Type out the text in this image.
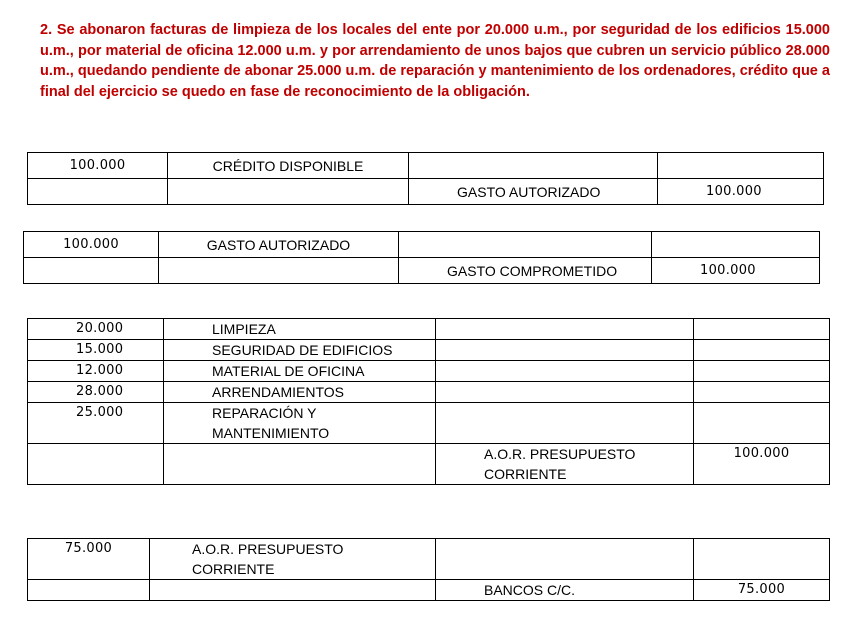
2. Se abonaron facturas de limpieza de los locales del ente por 20.000 u.m., por seguridad de los edificios 15.000 u.m., por material de oficina 12.000 u.m. y por arrendamiento de unos bajos que cubren un servicio público 28.000 u.m., quedando pendiente de abonar 25.000 u.m. de reparación y mantenimiento de los ordenadores, crédito que a final del ejercicio se quedo en fase de reconocimiento de la obligación.

100.000	CRÉDITO DISPONIBLE		
		GASTO AUTORIZADO	100.000
100.000	GASTO AUTORIZADO		
		GASTO COMPROMETIDO	100.000
20.000	LIMPIEZA		
15.000	SEGURIDAD DE EDIFICIOS		
12.000	MATERIAL DE OFICINA		
28.000	ARRENDAMIENTOS		
25.000	REPARACIÓN Y
MANTENIMIENTO		

		A.O.R. PRESUPUESTO
CORRIENTE	100.000
75.000	A.O.R. PRESUPUESTO
CORRIENTE		

		BANCOS C/C.	75.000
